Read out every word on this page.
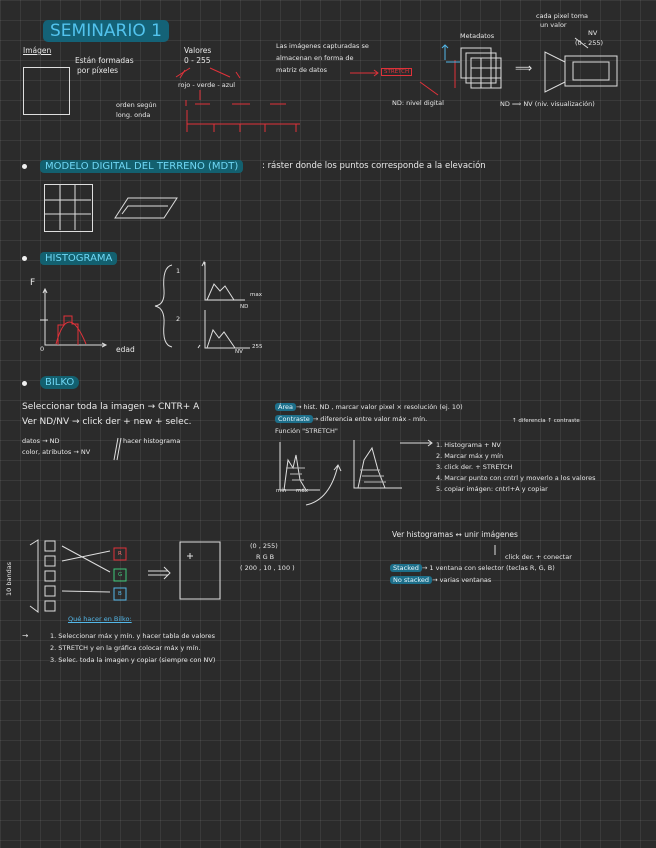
SEMINARIO 1
Imágen
Están formadas
por píxeles
Valores
0 - 255
rojo - verde - azul
orden según
long. onda
Las imágenes capturadas se
almacenan en forma de
matriz de datos	STRETCH
Metadatos
ND: nivel digital
cada pixel toma
un valor
NV
(0 - 255)
⟹
ND ⟹ NV (niv. visualización)
MODELO DIGITAL DEL TERRENO (MDT)	: ráster donde los puntos corresponde a la elevación
HISTOGRAMA
F
0	edad
1
2
max
ND
NV
255
BILKO
Seleccionar toda la imagen → CNTR+ A
Ver ND/NV → click der + new + selec.
datos → ND
color, atributos → NV
hacer histograma
Área → hist. ND , marcar valor pixel × resolución (ej. 10)
Contraste → diferencia entre valor máx - mín.	↑ diferencia ↑ contraste
Función "STRETCH"
mín máx
1. Histograma + NV
2. Marcar máx y mín
3. click der. + STRETCH
4. Marcar punto con cntrl y moverlo a los valores
5. copiar imágen: cntrl+A y copiar
Ver histogramas ↔ unir imágenes
click der. + conectar
Stacked → 1 ventana con selector (teclas R, G, B)
No stacked → varias ventanas
10 bandas
R
G
B
(0 , 255)
R G B
( 200 , 10 , 100 )
Qué hacer en Bilko:
→	1. Seleccionar máx y mín. y hacer tabla de valores
2. STRETCH y en la gráfica colocar máx y mín.
3. Selec. toda la imagen y copiar (siempre con NV)
